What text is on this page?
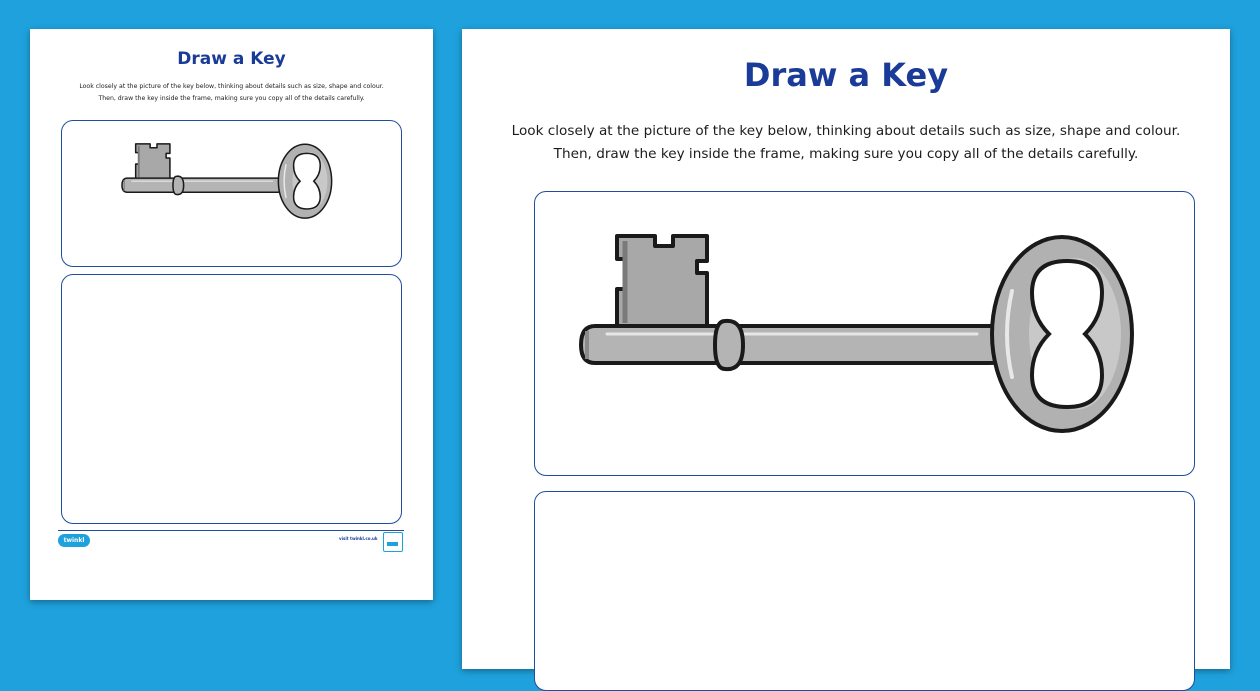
Draw a Key
Look closely at the picture of the key below, thinking about details such as size, shape and colour.
Then, draw the key inside the frame, making sure you copy all of the details carefully.
twinkl	visit twinkl.co.uk
Draw a Key
Look closely at the picture of the key below, thinking about details such as size, shape and colour.
Then, draw the key inside the frame, making sure you copy all of the details carefully.
